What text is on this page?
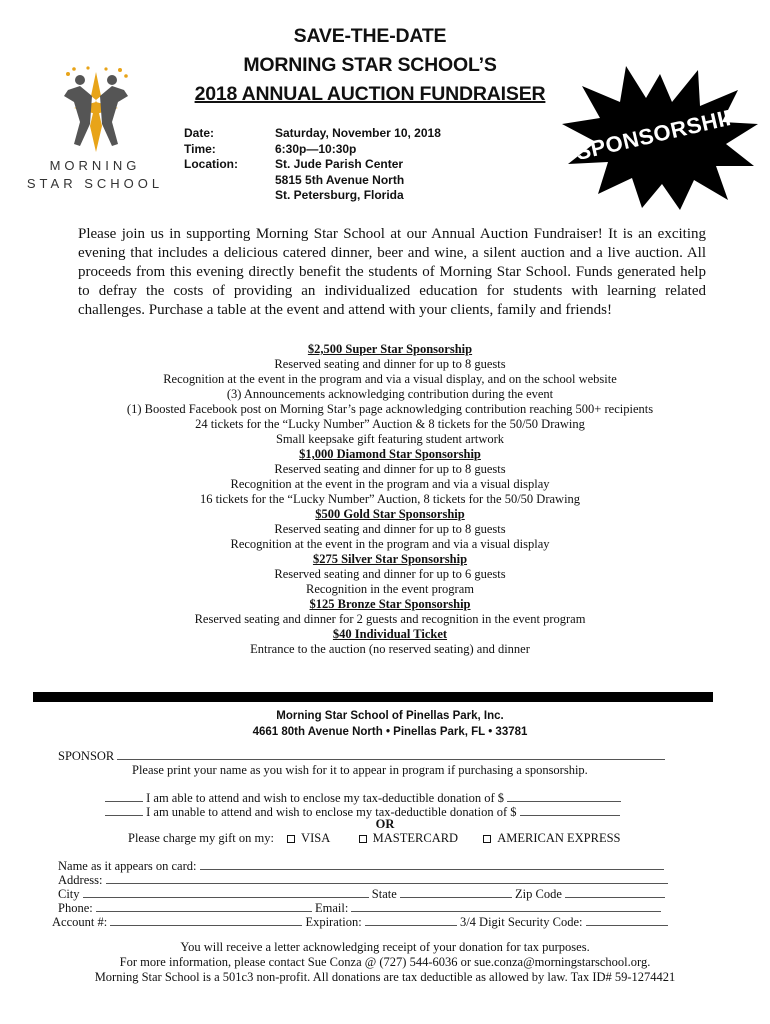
SAVE-THE-DATE
MORNING STAR SCHOOL’S
2018 ANNUAL AUCTION FUNDRAISER
MORNING
STAR SCHOOL
Date:	Saturday, November 10, 2018
Time:	6:30p—10:30p
Location:	St. Jude Parish Center
5815 5th Avenue North
St. Petersburg, Florida
SPONSORSHIPS
Please join us in supporting Morning Star School at our Annual Auction Fundraiser! It is an exciting evening that includes a delicious catered dinner, beer and wine, a silent auction and a live auction. All proceeds from this evening directly benefit the students of Morning Star School. Funds generated help to defray the costs of providing an individualized education for students with learning related challenges. Purchase a table at the event and attend with your clients, family and friends!
$2,500 Super Star Sponsorship
Reserved seating and dinner for up to 8 guests
Recognition at the event in the program and via a visual display, and on the school website
(3) Announcements acknowledging contribution during the event
(1) Boosted Facebook post on Morning Star’s page acknowledging contribution reaching 500+ recipients
24 tickets for the “Lucky Number” Auction & 8 tickets for the 50/50 Drawing
Small keepsake gift featuring student artwork
$1,000 Diamond Star Sponsorship
Reserved seating and dinner for up to 8 guests
Recognition at the event in the program and via a visual display
16 tickets for the “Lucky Number” Auction, 8 tickets for the 50/50 Drawing
$500 Gold Star Sponsorship
Reserved seating and dinner for up to 8 guests
Recognition at the event in the program and via a visual display
$275 Silver Star Sponsorship
Reserved seating and dinner for up to 6 guests
Recognition in the event program
$125 Bronze Star Sponsorship
Reserved seating and dinner for 2 guests and recognition in the event program
$40 Individual Ticket
Entrance to the auction (no reserved seating) and dinner
Morning Star School of Pinellas Park, Inc.
4661 80th Avenue North • Pinellas Park, FL • 33781
SPONSOR
Please print your name as you wish for it to appear in program if purchasing a sponsorship.
I am able to attend and wish to enclose my tax-deductible donation of $
I am unable to attend and wish to enclose my tax-deductible donation of $
OR
Please charge my gift on my: VISA	MASTERCARD	AMERICAN EXPRESS
Name as it appears on card:
Address:
City	State	Zip Code
Phone:	Email:
Account #:	Expiration:	3/4 Digit Security Code:
You will receive a letter acknowledging receipt of your donation for tax purposes.
For more information, please contact Sue Conza @ (727) 544-6036 or sue.conza@morningstarschool.org.
Morning Star School is a 501c3 non-profit. All donations are tax deductible as allowed by law. Tax ID# 59-1274421
